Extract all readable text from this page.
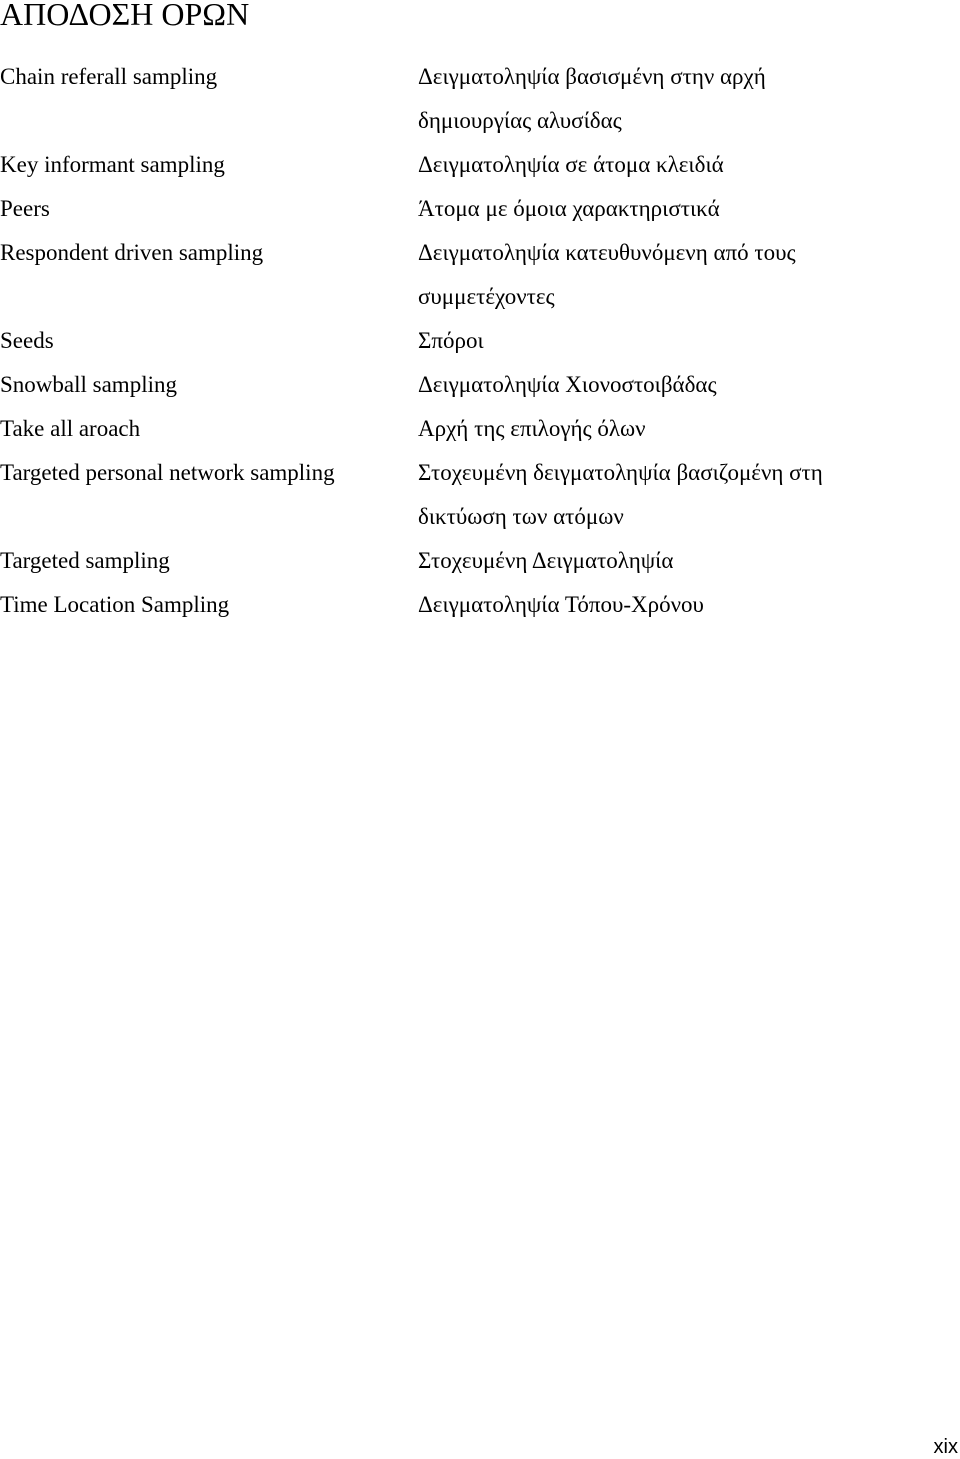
ΑΠΟΔΟΣΗ ΟΡΩΝ
Chain referall sampling	Δειγματοληψία βασισμένη στην αρχή
δημιουργίας αλυσίδας
Key informant sampling	Δειγματοληψία σε άτομα κλειδιά
Peers	Άτομα με όμοια χαρακτηριστικά
Respondent driven sampling	Δειγματοληψία κατευθυνόμενη από τους
συμμετέχοντες
Seeds	Σπόροι
Snowball sampling	Δειγματοληψία Χιονοστοιβάδας
Take all aroach	Αρχή της επιλογής όλων
Targeted personal network sampling	Στοχευμένη δειγματοληψία βασιζομένη στη
δικτύωση των ατόμων
Targeted sampling	Στοχευμένη Δειγματοληψία
Time Location Sampling	Δειγματοληψία Τόπου-Χρόνου
xix
